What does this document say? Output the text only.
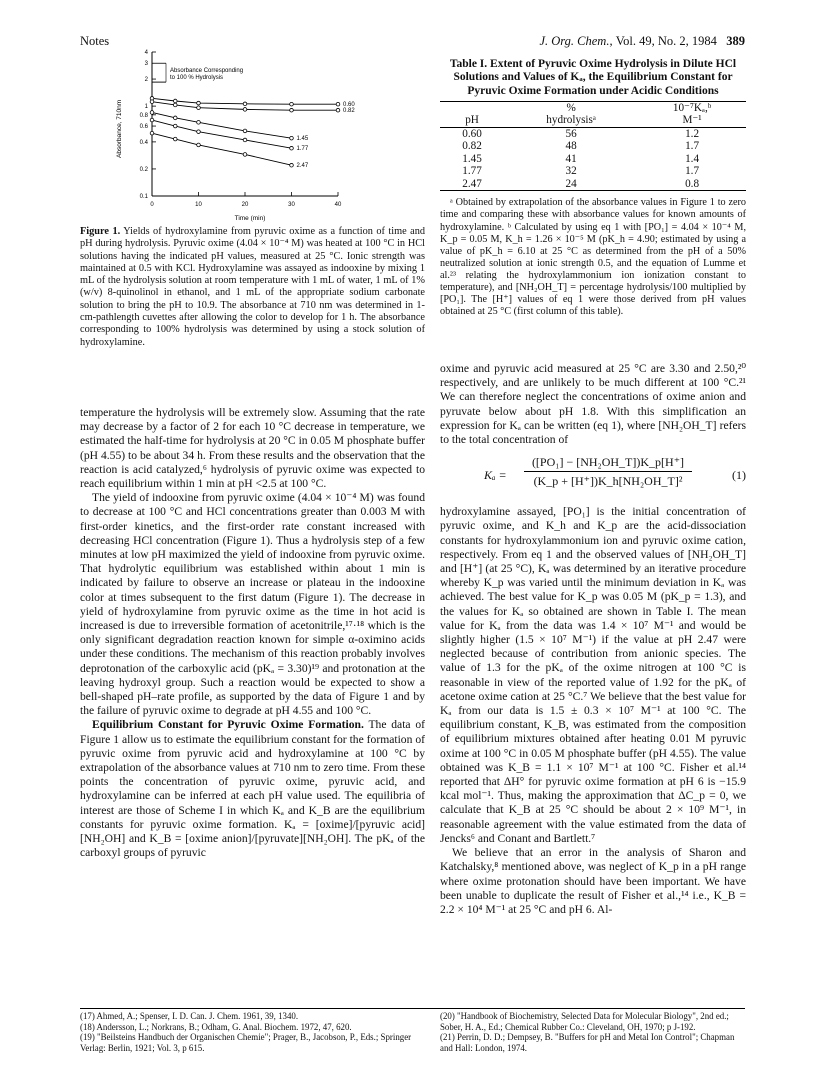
Notes	J. Org. Chem., Vol. 49, No. 2, 1984 389
4
3
2
1
0.8
0.6
0.4
0.2
0.1
0	10	20	30	40
0.60
0.82
1.45
1.77
2.47
Absorbance Corresponding
to 100 % Hydrolysis
Absorbance, 710nm
Time (min)
Figure 1. Yields of hydroxylamine from pyruvic oxime as a function of time and pH during hydrolysis. Pyruvic oxime (4.04 × 10⁻⁴ M) was heated at 100 °C in HCl solutions having the indicated pH values, measured at 25 °C. Ionic strength was maintained at 0.5 with KCl. Hydroxylamine was assayed as indooxine by mixing 1 mL of the hydrolysis solution at room temperature with 1 mL of water, 1 mL of 1% (w/v) 8-quinolinol in ethanol, and 1 mL of the appropriate sodium carbonate solution to bring the pH to 10.9. The absorbance at 710 nm was determined in 1-cm-pathlength cuvettes after allowing the color to develop for 1 h. The absorbance corresponding to 100% hydrolysis was determined by using a stock solution of hydroxylamine.

temperature the hydrolysis will be extremely slow. Assuming that the rate may decrease by a factor of 2 for each 10 °C decrease in temperature, we estimated the half-time for hydrolysis at 20 °C in 0.05 M phosphate buffer (pH 4.55) to be about 34 h. From these results and the observation that the reaction is acid catalyzed,⁶ hydrolysis of pyruvic oxime was expected to reach equilibrium within 1 min at pH <2.5 at 100 °C.

The yield of indooxine from pyruvic oxime (4.04 × 10⁻⁴ M) was found to decrease at 100 °C and HCl concentrations greater than 0.003 M with first-order kinetics, and the first-order rate constant increased with decreasing HCl concentration (Figure 1). Thus a hydrolysis step of a few minutes at low pH maximized the yield of indooxine from pyruvic oxime. That hydrolytic equilibrium was established within about 1 min is indicated by failure to observe an increase or plateau in the indooxine color at times subsequent to the first datum (Figure 1). The decrease in yield of hydroxylamine from pyruvic oxime as the time in hot acid is increased is due to irreversible formation of acetonitrile,¹⁷·¹⁸ which is the only significant degradation reaction known for simple α-oximino acids under these conditions. The mechanism of this reaction probably involves deprotonation of the carboxylic acid (pKₐ = 3.30)¹⁹ and protonation at the leaving hydroxyl group. Such a reaction would be expected to show a bell-shaped pH–rate profile, as supported by the data of Figure 1 and by the failure of pyruvic oxime to degrade at pH 4.55 and 100 °C.

Equilibrium Constant for Pyruvic Oxime Formation. The data of Figure 1 allow us to estimate the equilibrium constant for the formation of pyruvic oxime from pyruvic acid and hydroxylamine at 100 °C by extrapolation of the absorbance values at 710 nm to zero time. From these points the concentration of pyruvic oxime, pyruvic acid, and hydroxylamine can be inferred at each pH value used. The equilibria of interest are those of Scheme I in which Kₐ and K_B are the equilibrium constants for pyruvic oxime formation. Kₐ = [oxime]/[pyruvic acid][NH₂OH] and K_B = [oxime anion]/[pyruvate][NH₂OH]. The pKₐ of the carboxyl groups of pyruvic

Table I. Extent of Pyruvic Oxime Hydrolysis in Dilute HCl Solutions and Values of Kₐ, the Equilibrium Constant for Pyruvic Oxime Formation under Acidic Conditions
	%	10⁻⁷Kₐ,ᵇ
pH	hydrolysisᵃ	M⁻¹
0.60	56	1.2
0.82	48	1.7
1.45	41	1.4
1.77	32	1.7
2.47	24	0.8
ᵃ Obtained by extrapolation of the absorbance values in Figure 1 to zero time and comparing these with absorbance values for known amounts of hydroxylamine. ᵇ Calculated by using eq 1 with [PO₁] = 4.04 × 10⁻⁴ M, K_p = 0.05 M, K_h = 1.26 × 10⁻⁵ M (pK_h = 4.90; estimated by using a value of pK_h = 6.10 at 25 °C as determined from the pH of a 50% neutralized solution at ionic strength 0.5, and the equation of Lumme et al.²³ relating the hydroxylammonium ion ionization constant to temperature), and [NH₂OH_T] = percentage hydrolysis/100 multiplied by [PO₁]. The [H⁺] values of eq 1 were those derived from pH values obtained at 25 °C (first column of this table).

oxime and pyruvic acid measured at 25 °C are 3.30 and 2.50,²⁰ respectively, and are unlikely to be much different at 100 °C.²¹ We can therefore neglect the concentrations of oxime anion and pyruvate below about pH 1.8. With this simplification an expression for Kₐ can be written (eq 1), where [NH₂OH_T] refers to the total concentration of

$K_a = \frac{\text{([PO₁] − [NH₂OH\_T])K\_p[H⁺]}}{\text{(K\_p + [H⁺])K\_h[NH₂OH\_T]²}}$	(1)

hydroxylamine assayed, [PO₁] is the initial concentration of pyruvic oxime, and K_h and K_p are the acid-dissociation constants for hydroxylammonium ion and pyruvic oxime cation, respectively. From eq 1 and the observed values of [NH₂OH_T] and [H⁺] (at 25 °C), Kₐ was determined by an iterative procedure whereby K_p was varied until the minimum deviation in Kₐ was achieved. The best value for K_p was 0.05 M (pK_p = 1.3), and the values for Kₐ so obtained are shown in Table I. The mean value for Kₐ from the data was 1.4 × 10⁷ M⁻¹ and would be slightly higher (1.5 × 10⁷ M⁻¹) if the value at pH 2.47 were neglected because of contribution from anionic species. The value of 1.3 for the pKₐ of the oxime nitrogen at 100 °C is reasonable in view of the reported value of 1.92 for the pKₐ of acetone oxime cation at 25 °C.⁷ We believe that the best value for Kₐ from our data is 1.5 ± 0.3 × 10⁷ M⁻¹ at 100 °C. The equilibrium constant, K_B, was estimated from the composition of equilibrium mixtures obtained after heating 0.01 M pyruvic oxime at 100 °C in 0.05 M phosphate buffer (pH 4.55). The value obtained was K_B = 1.1 × 10⁷ M⁻¹ at 100 °C. Fisher et al.¹⁴ reported that ΔH° for pyruvic oxime formation at pH 6 is −15.9 kcal mol⁻¹. Thus, making the approximation that ΔC_p = 0, we calculate that K_B at 25 °C should be about 2 × 10⁹ M⁻¹, in reasonable agreement with the value estimated from the data of Jencks⁶ and Conant and Bartlett.⁷

We believe that an error in the analysis of Sharon and Katchalsky,⁸ mentioned above, was neglect of K_p in a pH range where oxime protonation should have been important. We have been unable to duplicate the result of Fisher et al.,¹⁴ i.e., K_B = 2.2 × 10⁴ M⁻¹ at 25 °C and pH 6. Al-

(17) Ahmed, A.; Spenser, I. D. Can. J. Chem. 1961, 39, 1340.
(18) Andersson, L.; Norkrans, B.; Odham, G. Anal. Biochem. 1972, 47, 620.
(19) "Beilsteins Handbuch der Organischen Chemie"; Prager, B., Jacobson, P., Eds.; Springer Verlag: Berlin, 1921; Vol. 3, p 615.
(20) "Handbook of Biochemistry, Selected Data for Molecular Biology", 2nd ed.; Sober, H. A., Ed.; Chemical Rubber Co.: Cleveland, OH, 1970; p J-192.
(21) Perrin, D. D.; Dempsey, B. "Buffers for pH and Metal Ion Control"; Chapman and Hall: London, 1974.
